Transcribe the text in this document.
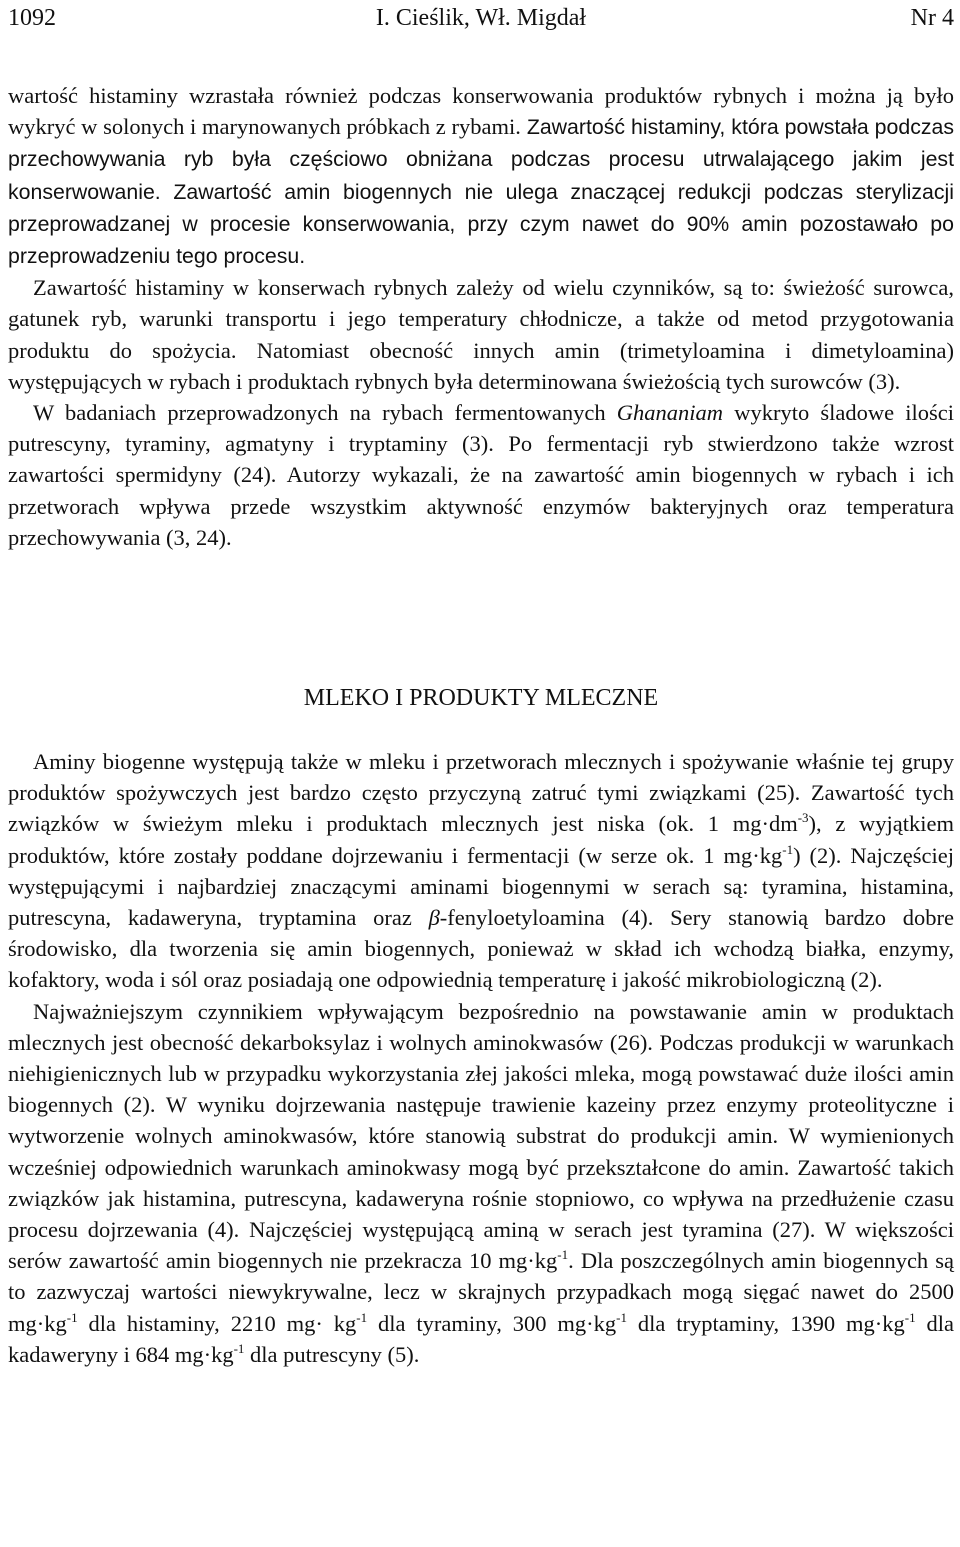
1092	I. Cieślik, Wł. Migdał	Nr 4

wartość histaminy wzrastała również podczas konserwowania produktów rybnych i można ją było wykryć w solonych i marynowanych próbkach z rybami. Zawartość histaminy, która powstała podczas przechowywania ryb była częściowo obniżana podczas procesu utrwalającego jakim jest konserwowanie. Zawartość amin biogennych nie ulega znaczącej redukcji podczas sterylizacji przeprowadzanej w procesie konserwowania, przy czym nawet do 90% amin pozostawało po przeprowadzeniu tego procesu.

Zawartość histaminy w konserwach rybnych zależy od wielu czynników, są to: świeżość surowca, gatunek ryb, warunki transportu i jego temperatury chłodnicze, a także od metod przygotowania produktu do spożycia. Natomiast obecność innych amin (trimetyloamina i dimetyloamina) występujących w rybach i produktach rybnych była determinowana świeżością tych surowców (3).

W badaniach przeprowadzonych na rybach fermentowanych Ghananiam wykryto śladowe ilości putrescyny, tyraminy, agmatyny i tryptaminy (3). Po fermentacji ryb stwierdzono także wzrost zawartości spermidyny (24). Autorzy wykazali, że na zawartość amin biogennych w rybach i ich przetworach wpływa przede wszystkim aktywność enzymów bakteryjnych oraz temperatura przechowywania (3, 24).

MLEKO I PRODUKTY MLECZNE

Aminy biogenne występują także w mleku i przetworach mlecznych i spożywanie właśnie tej grupy produktów spożywczych jest bardzo często przyczyną zatruć tymi związkami (25). Zawartość tych związków w świeżym mleku i produktach mlecznych jest niska (ok. 1 $mg\cdot dm^{-3}$), z wyjątkiem produktów, które zostały poddane dojrzewaniu i fermentacji (w serze ok. 1 $mg\cdot kg^{-1}$) (2). Najczęściej występującymi i najbardziej znaczącymi aminami biogennymi w serach są: tyramina, histamina, putrescyna, kadaweryna, tryptamina oraz β-fenyloetyloamina (4). Sery stanowią bardzo dobre środowisko, dla tworzenia się amin biogennych, ponieważ w skład ich wchodzą białka, enzymy, kofaktory, woda i sól oraz posiadają one odpowiednią temperaturę i jakość mikrobiologiczną (2).

Najważniejszym czynnikiem wpływającym bezpośrednio na powstawanie amin w produktach mlecznych jest obecność dekarboksylaz i wolnych aminokwasów (26). Podczas produkcji w warunkach niehigienicznych lub w przypadku wykorzystania złej jakości mleka, mogą powstawać duże ilości amin biogennych (2). W wyniku dojrzewania następuje trawienie kazeiny przez enzymy proteolityczne i wytworzenie wolnych aminokwasów, które stanowią substrat do produkcji amin. W wymienionych wcześniej odpowiednich warunkach aminokwasy mogą być przekształcone do amin. Zawartość takich związków jak histamina, putrescyna, kadaweryna rośnie stopniowo, co wpływa na przedłużenie czasu procesu dojrzewania (4). Najczęściej występującą aminą w serach jest tyramina (27). W większości serów zawartość amin biogennych nie przekracza 10 $mg\cdot kg^{-1}$. Dla poszczególnych amin biogennych są to zazwyczaj wartości niewykrywalne, lecz w skrajnych przypadkach mogą sięgać nawet do 2500 $mg\cdot kg^{-1}$ dla histaminy, 2210 $mg\cdot kg^{-1}$ dla tyraminy, 300 $mg\cdot kg^{-1}$ dla tryptaminy, 1390 $mg\cdot kg^{-1}$ dla kadaweryny i 684 $mg\cdot kg^{-1}$ dla putrescyny (5).
